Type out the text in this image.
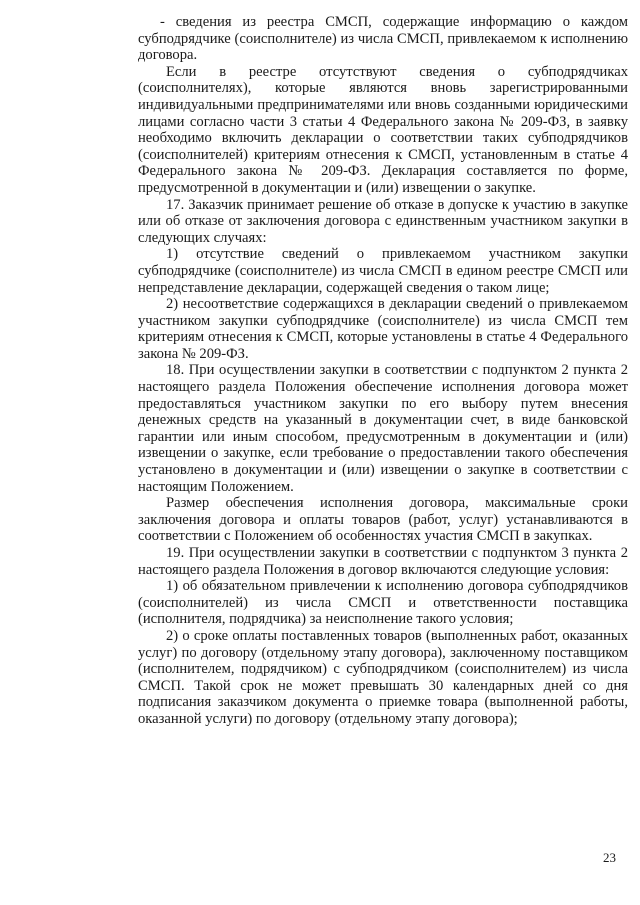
- сведения из реестра СМСП, содержащие информацию о каждом субподрядчике (соисполнителе) из числа СМСП, привлекаемом к исполнению договора.

Если в реестре отсутствуют сведения о субподрядчиках (соисполнителях), которые являются вновь зарегистрированными индивидуальными предпринимателями или вновь созданными юридическими лицами согласно части 3 статьи 4 Федерального закона № 209-ФЗ, в заявку необходимо включить декларации о соответствии таких субподрядчиков (соисполнителей) критериям отнесения к СМСП, установленным в статье 4 Федерального закона № 209-ФЗ. Декларация составляется по форме, предусмотренной в документации и (или) извещении о закупке.

17. Заказчик принимает решение об отказе в допуске к участию в закупке или об отказе от заключения договора с единственным участником закупки в следующих случаях:

1) отсутствие сведений о привлекаемом участником закупки субподрядчике (соисполнителе) из числа СМСП в едином реестре СМСП или непредставление декларации, содержащей сведения о таком лице;

2) несоответствие содержащихся в декларации сведений о привлекаемом участником закупки субподрядчике (соисполнителе) из числа СМСП тем критериям отнесения к СМСП, которые установлены в статье 4 Федерального закона № 209-ФЗ.

18. При осуществлении закупки в соответствии с подпунктом 2 пункта 2 настоящего раздела Положения обеспечение исполнения договора может предоставляться участником закупки по его выбору путем внесения денежных средств на указанный в документации счет, в виде банковской гарантии или иным способом, предусмотренным в документации и (или) извещении о закупке, если требование о предоставлении такого обеспечения установлено в документации и (или) извещении о закупке в соответствии с настоящим Положением.

Размер обеспечения исполнения договора, максимальные сроки заключения договора и оплаты товаров (работ, услуг) устанавливаются в соответствии с Положением об особенностях участия СМСП в закупках.

19. При осуществлении закупки в соответствии с подпунктом 3 пункта 2 настоящего раздела Положения в договор включаются следующие условия:

1) об обязательном привлечении к исполнению договора субподрядчиков (соисполнителей) из числа СМСП и ответственности поставщика (исполнителя, подрядчика) за неисполнение такого условия;

2) о сроке оплаты поставленных товаров (выполненных работ, оказанных услуг) по договору (отдельному этапу договора), заключенному поставщиком (исполнителем, подрядчиком) с субподрядчиком (соисполнителем) из числа СМСП. Такой срок не может превышать 30 календарных дней со дня подписания заказчиком документа о приемке товара (выполненной работы, оказанной услуги) по договору (отдельному этапу договора);

23
